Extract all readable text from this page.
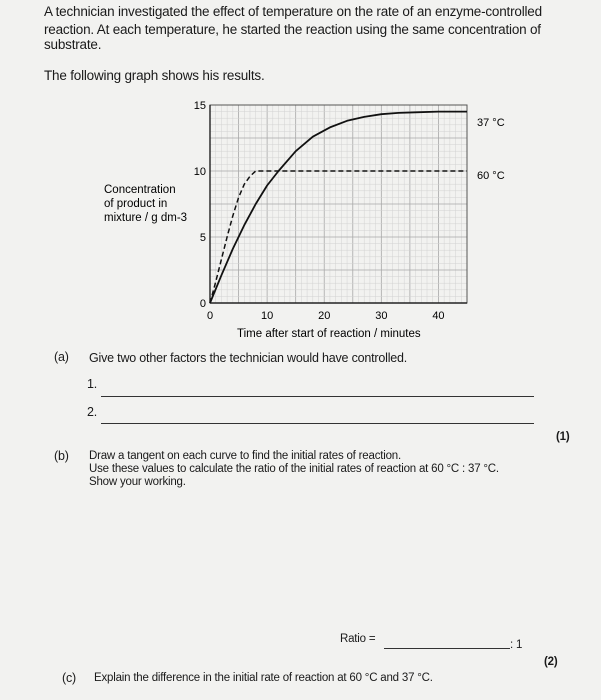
A technician investigated the effect of temperature on the rate of an enzyme-controlled
reaction. At each temperature, he started the reaction using the same concentration of
substrate.
The following graph shows his results.
0	10	20	30	40
0
5
10
15
37 °C
60 °C
Concentration
of product in
mixture / g dm-3
Time after start of reaction / minutes
(a) Give two other factors the technician would have controlled.
1.
2.
(1)
(b) Draw a tangent on each curve to find the initial rates of reaction.
Use these values to calculate the ratio of the initial rates of reaction at 60 °C : 37 °C.
Show your working.
Ratio =	: 1
(2)
(c) Explain the difference in the initial rate of reaction at 60 °C and 37 °C.
